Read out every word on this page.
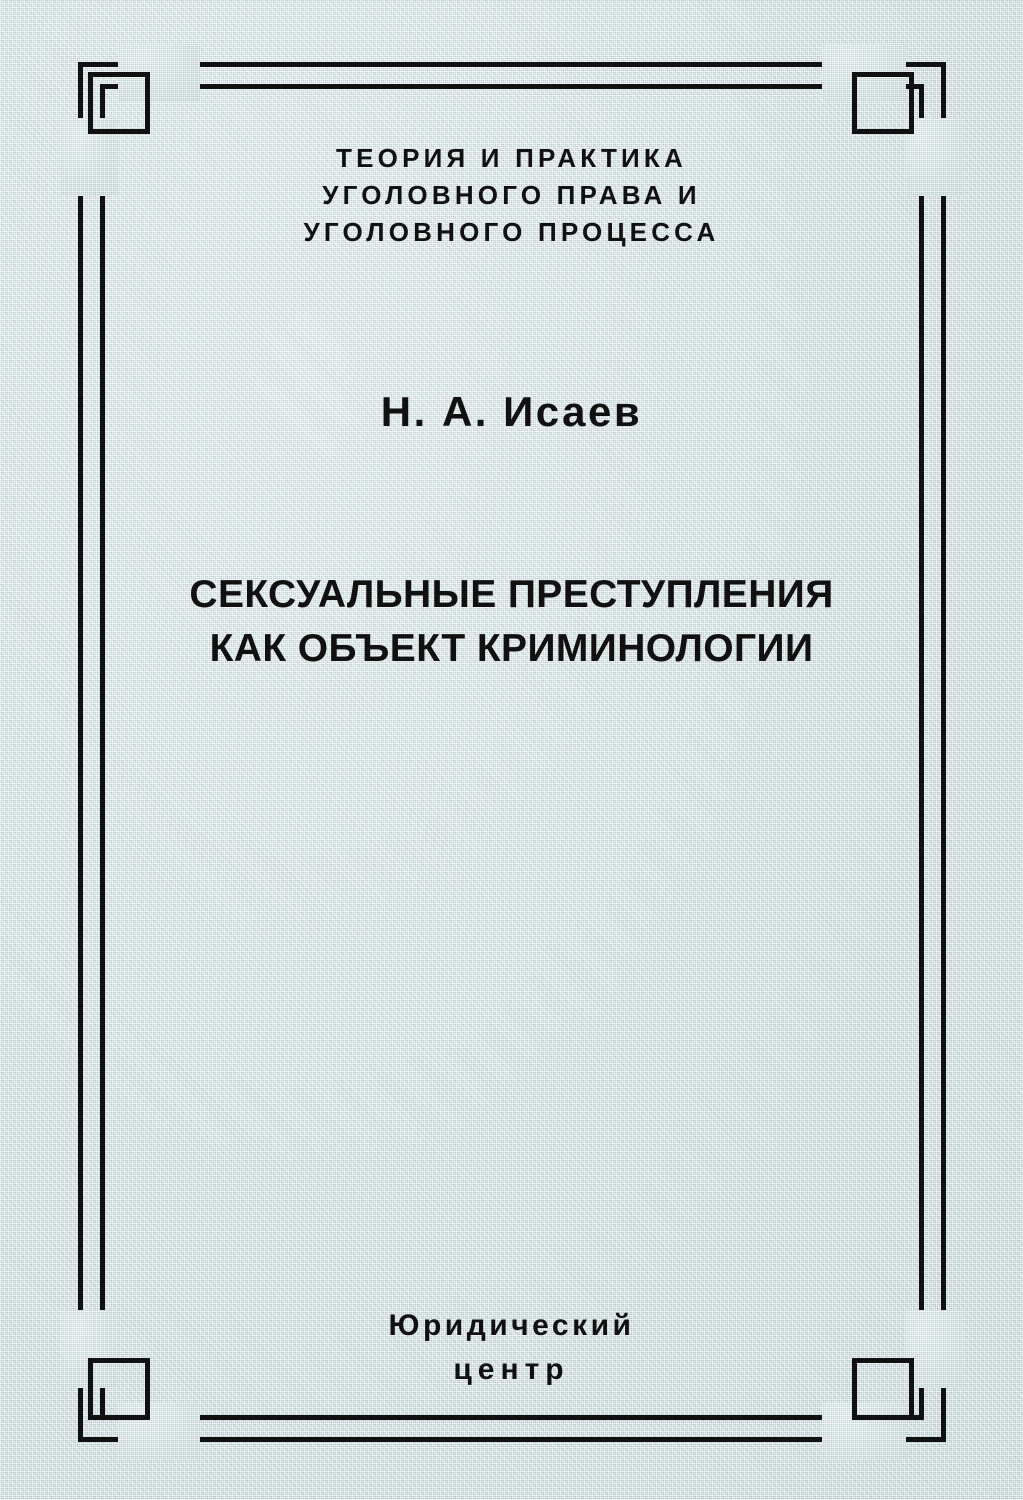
ТЕОРИЯ И ПРАКТИКА
УГОЛОВНОГО ПРАВА И
УГОЛОВНОГО ПРОЦЕССА
Н. А. Исаев
СЕКСУАЛЬНЫЕ ПРЕСТУПЛЕНИЯ
КАК ОБЪЕКТ КРИМИНОЛОГИИ
Юридический
центр
